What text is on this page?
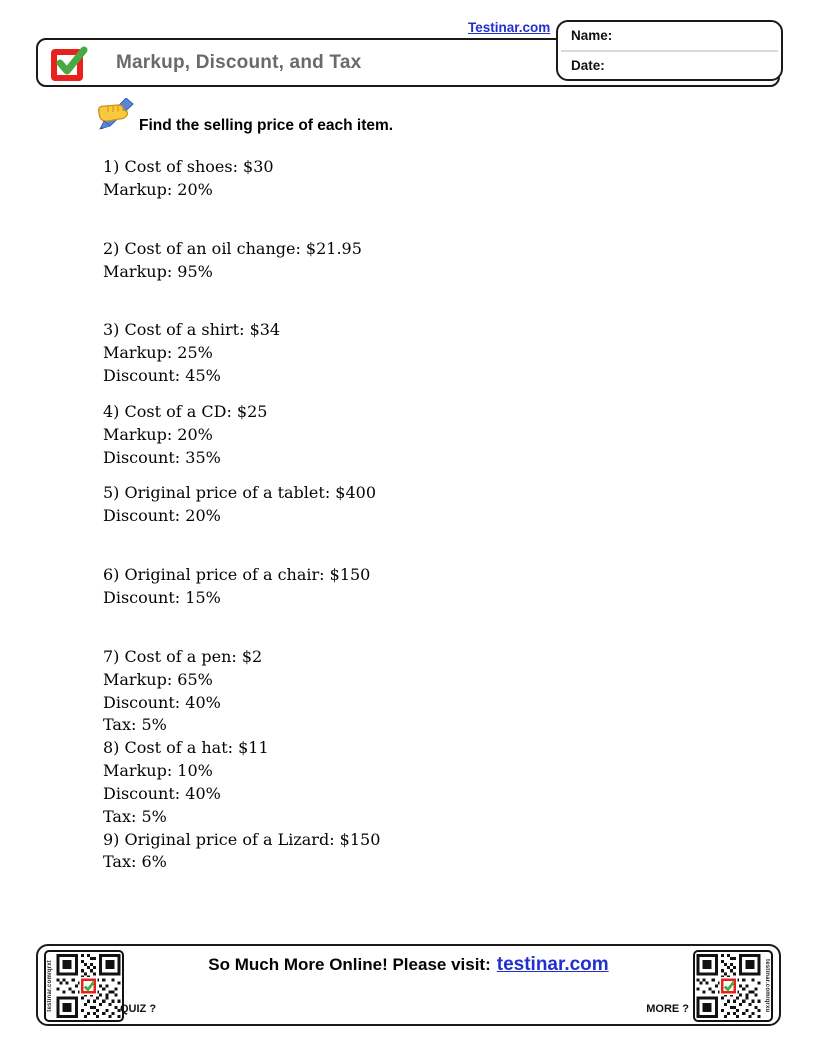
Testinar.com
Markup, Discount, and Tax
Name:
Date:
Find the selling price of each item.
1) Cost of shoes: $30
Markup: 20%
2) Cost of an oil change: $21.95
Markup: 95%
3) Cost of a shirt: $34
Markup: 25%
Discount: 45%
4) Cost of a CD: $25
Markup: 20%
Discount: 35%
5) Original price of a tablet: $400
Discount: 20%
6) Original price of a chair: $150
Discount: 15%
7) Cost of a pen: $2
Markup: 65%
Discount: 40%
Tax: 5%
8) Cost of a hat: $11
Markup: 10%
Discount: 40%
Tax: 5%
9) Original price of a Lizard: $150
Tax: 6%
testinar.com/qrxt	QUIZ ?
So Much More Online! Please visit: testinar.com
MORE ?	testinar.com/qrxu
